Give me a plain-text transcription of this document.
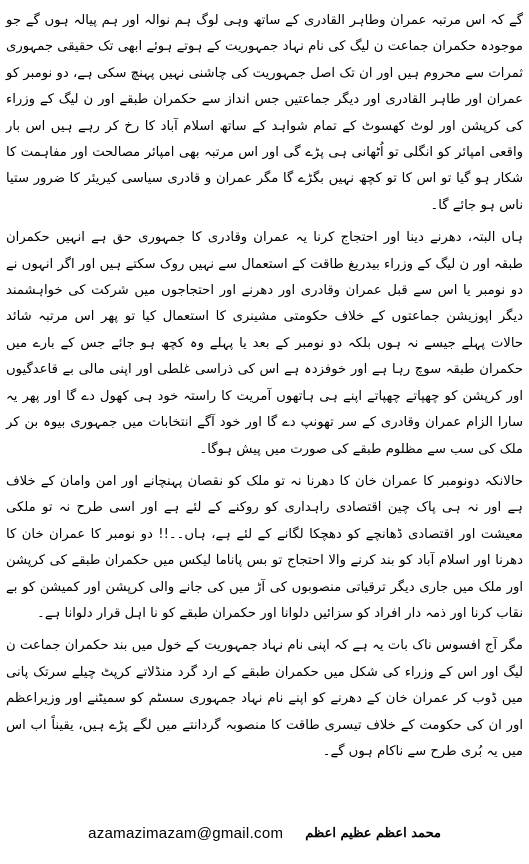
گے کہ اس مرتبہ عمران وطاہر القادری کے ساتھ وہی لوگ ہم نوالہ اور ہم پیالہ ہوں گے جو موجودہ حکمران جماعت ن لیگ کی نام نہاد جمہوریت کے ہوتے ہوئے ابھی تک حقیقی جمہوری ثمرات سے محروم ہیں اور ان تک اصل جمہوریت کی چاشنی نہیں پہنچ سکی ہے، دو نومبر کو عمران اور طاہر القادری اور دیگر جماعتیں جس انداز سے حکمران طبقے اور ن لیگ کے وزراء کی کرپشن اور لوٹ کھسوٹ کے تمام شواہد کے ساتھ اسلام آباد کا رخ کر رہے ہیں اس بار واقعی امپائر کو انگلی تو اُٹھانی ہی پڑے گی اور اس مرتبہ بھی امپائر مصالحت اور مفاہمت کا شکار ہو گیا تو اس کا تو کچھ نہیں بگڑے گا مگر عمران و قادری سیاسی کیریئر کا ضرور ستیا ناس ہو جائے گا۔

ہاں البتہ، دھرنے دینا اور احتجاج کرنا یہ عمران وقادری کا جمہوری حق ہے انہیں حکمران طبقہ اور ن لیگ کے وزراء بیدریغ طاقت کے استعمال سے نہیں روک سکتے ہیں اور اگر انہوں نے دو نومبر یا اس سے قبل عمران وقادری اور دھرنے اور احتجاجوں میں شرکت کی خواہشمند دیگر اپوزیشن جماعتوں کے خلاف حکومتی مشینری کا استعمال کیا تو پھر اس مرتبہ شائد حالات پہلے جیسے نہ ہوں بلکہ دو نومبر کے بعد یا پہلے وہ کچھ ہو جائے جس کے بارے میں حکمران طبقہ سوچ رہا ہے اور خوفزدہ ہے اس کی ذراسی غلطی اور اپنی مالی بے قاعدگیوں اور کرپشن کو چھپاتے چھپاتے اپنے ہی ہاتھوں آمریت کا راستہ خود ہی کھول دے گا اور پھر یہ سارا الزام عمران وقادری کے سر تھونپ دے گا اور خود آگے انتخابات میں جمہوری بیوہ بن کر ملک کی سب سے مظلوم طبقے کی صورت میں پیش ہوگا۔

حالانکہ دونومبر کا عمران خان کا دھرنا نہ تو ملک کو نقصان پہنچانے اور امن وامان کے خلاف ہے اور نہ ہی پاک چین اقتصادی راہداری کو روکنے کے لئے ہے اور اسی طرح نہ تو ملکی معیشت اور اقتصادی ڈھانچے کو دھچکا لگانے کے لئے ہے، ہاں۔۔!! دو نومبر کا عمران خان کا دھرنا اور اسلام آباد کو بند کرنے والا احتجاج تو بس پاناما لیکس میں حکمران طبقے کی کرپشن اور ملک میں جاری دیگر ترقیاتی منصوبوں کی آڑ میں کی جانے والی کرپشن اور کمیشن کو بے نقاب کرنا اور ذمہ دار افراد کو سزائیں دلوانا اور حکمران طبقے کو نا اہل قرار دلوانا ہے۔

مگر آج افسوس ناک بات یہ ہے کہ اپنی نام نہاد جمہوریت کے خول میں بند حکمران جماعت ن لیگ اور اس کے وزراء کی شکل میں حکمران طبقے کے ارد گرد منڈلاتے کرپٹ چیلے سرتک پانی میں ڈوب کر عمران خان کے دھرنے کو اپنے نام نہاد جمہوری سسٹم کو سمیٹنے اور وزیراعظم اور ان کی حکومت کے خلاف تیسری طاقت کا منصوبہ گردانتے میں لگے پڑے ہیں، یقیناً اب اس میں یہ بُری طرح سے ناکام ہوں گے۔

azamazimazam@gmail.com محمد اعظم عظیم اعظم
